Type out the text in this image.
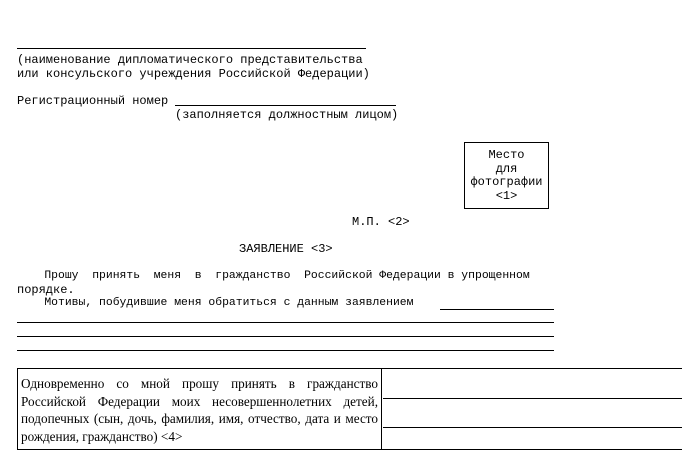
(наименование дипломатического представительства
или консульского учреждения Российской Федерации)
Регистрационный номер
(заполняется должностным лицом)
Место
для
фотографии
<1>
М.П. <2>
ЗАЯВЛЕНИЕ <3>
Прошу  принять  меня  в  гражданство  Российской Федерации в упрощенном
порядке.
Мотивы, побудившие меня обратиться с данным заявлением
Одновременно со мной прошу принять в гражданство Российской Федерации моих несовершеннолетних детей, подопечных (сын, дочь, фамилия, имя, отчество, дата и место рождения, гражданство) <4>
